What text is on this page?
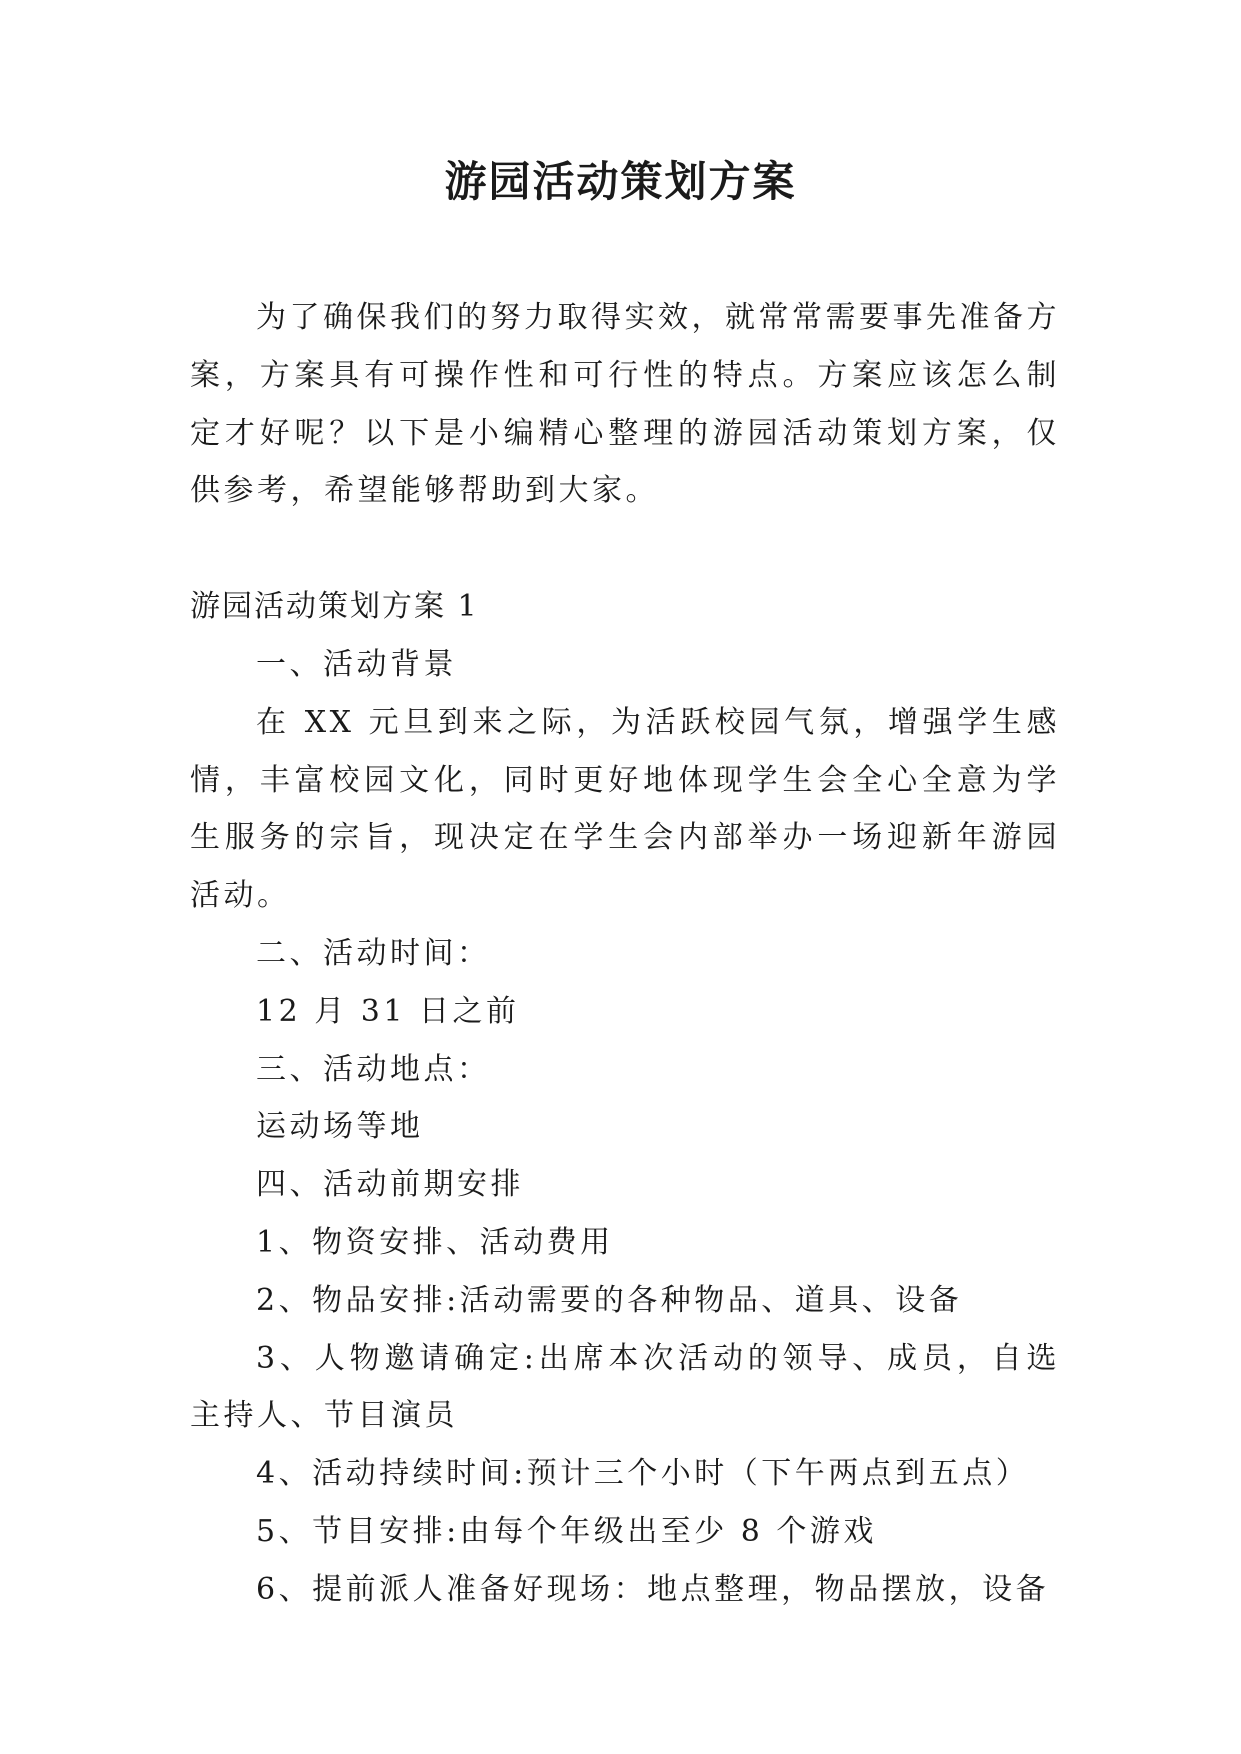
游园活动策划方案

为了确保我们的努力取得实效，就常常需要事先准备方案，方案具有可操作性和可行性的特点。方案应该怎么制定才好呢？以下是小编精心整理的游园活动策划方案，仅供参考，希望能够帮助到大家。

游园活动策划方案 1

一、活动背景

在 XX 元旦到来之际，为活跃校园气氛，增强学生感情，丰富校园文化，同时更好地体现学生会全心全意为学生服务的宗旨，现决定在学生会内部举办一场迎新年游园活动。

二、活动时间：

12 月 31 日之前

三、活动地点：

运动场等地

四、活动前期安排

1、物资安排、活动费用

2、物品安排:活动需要的各种物品、道具、设备

3、人物邀请确定:出席本次活动的领导、成员，自选主持人、节目演员

4、活动持续时间:预计三个小时（下午两点到五点）

5、节目安排:由每个年级出至少 8 个游戏

6、提前派人准备好现场：地点整理，物品摆放，设备
